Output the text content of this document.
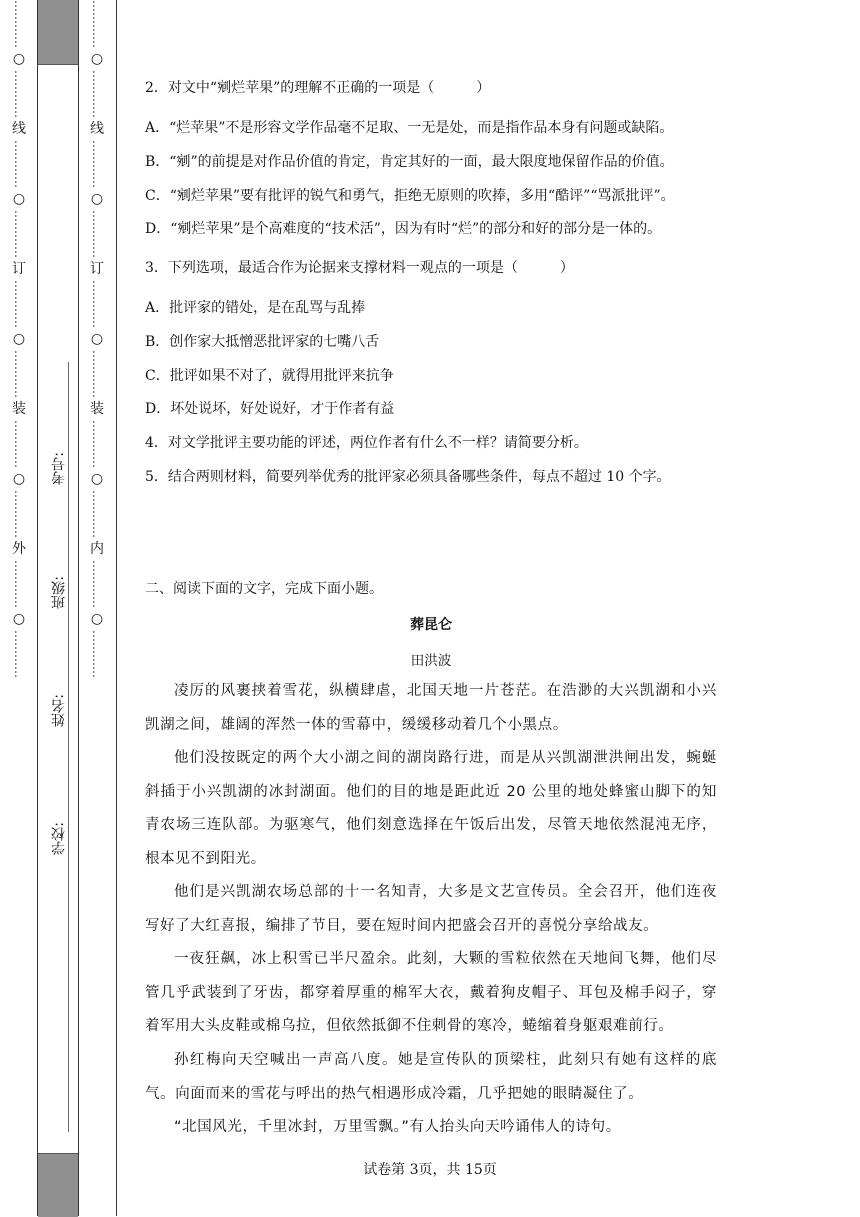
…………
○
…………
线
…………
○
…………
订
…………
○
…………
装
…………
○
…………
外
…………
○
…………
学校:
姓名:
班级:
考号:
…………
○
…………
线
…………
○
…………
订
…………
○
…………
装
…………
○
…………
内
…………
○
…………
2．对文中“剜烂苹果”的理解不正确的一项是（　　　）
A．“烂苹果”不是形容文学作品毫不足取、一无是处，而是指作品本身有问题或缺陷。
B．“剜”的前提是对作品价值的肯定，肯定其好的一面，最大限度地保留作品的价值。
C．“剜烂苹果”要有批评的锐气和勇气，拒绝无原则的吹捧，多用“酷评”“骂派批评”。
D．“剜烂苹果”是个高难度的“技术活”，因为有时“烂”的部分和好的部分是一体的。
3．下列选项，最适合作为论据来支撑材料一观点的一项是（　　　）
A．批评家的错处，是在乱骂与乱捧
B．创作家大抵憎恶批评家的七嘴八舌
C．批评如果不对了，就得用批评来抗争
D．坏处说坏，好处说好，才于作者有益
4．对文学批评主要功能的评述，两位作者有什么不一样？请简要分析。
5．结合两则材料，简要列举优秀的批评家必须具备哪些条件，每点不超过 10 个字。
二、阅读下面的文字，完成下面小题。
葬昆仑
田洪波
凌厉的风裹挟着雪花，纵横肆虐，北国天地一片苍茫。在浩渺的大兴凯湖和小兴凯湖之间，雄阔的浑然一体的雪幕中，缓缓移动着几个小黑点。
他们没按既定的两个大小湖之间的湖岗路行进，而是从兴凯湖泄洪闸出发，蜿蜒斜插于小兴凯湖的冰封湖面。他们的目的地是距此近 20 公里的地处蜂蜜山脚下的知青农场三连队部。为驱寒气，他们刻意选择在午饭后出发，尽管天地依然混沌无序，根本见不到阳光。
他们是兴凯湖农场总部的十一名知青，大多是文艺宣传员。全会召开，他们连夜写好了大红喜报，编排了节目，要在短时间内把盛会召开的喜悦分享给战友。
一夜狂飙，冰上积雪已半尺盈余。此刻，大颗的雪粒依然在天地间飞舞，他们尽管几乎武装到了牙齿，都穿着厚重的棉军大衣，戴着狗皮帽子、耳包及棉手闷子，穿着军用大头皮鞋或棉乌拉，但依然抵御不住刺骨的寒冷，蜷缩着身躯艰难前行。
孙红梅向天空喊出一声高八度。她是宣传队的顶梁柱，此刻只有她有这样的底气。向面而来的雪花与呼出的热气相遇形成冷霜，几乎把她的眼睛凝住了。
“北国风光，千里冰封，万里雪飘。”有人抬头向天吟诵伟人的诗句。
试卷第 3页，共 15页
